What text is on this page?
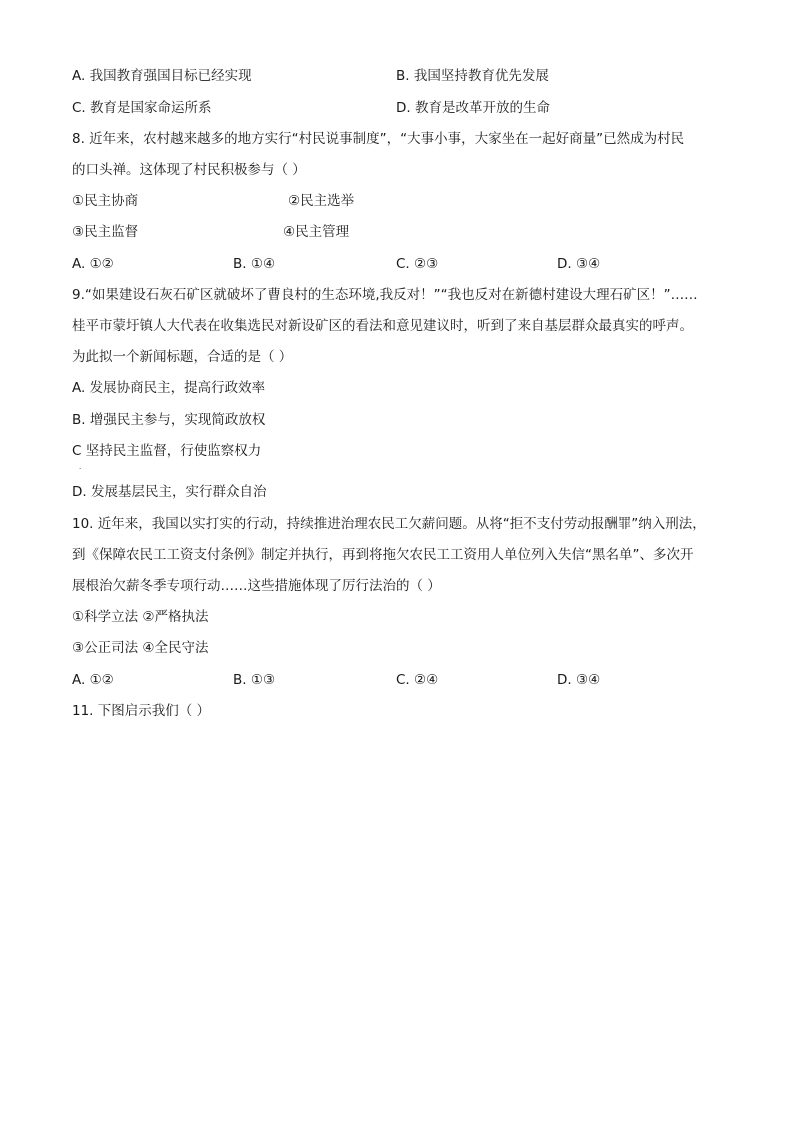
A. 我国教育强国目标已经实现	B. 我国坚持教育优先发展
C. 教育是国家命运所系	D. 教育是改革开放的生命
8. 近年来，农村越来越多的地方实行“村民说事制度”，“大事小事，大家坐在一起好商量”已然成为村民
的口头禅。这体现了村民积极参与（ ）
①民主协商	②民主选举
③民主监督	④民主管理
A. ①②	B. ①④	C. ②③	D. ③④
9.“如果建设石灰石矿区就破坏了曹良村的生态环境,我反对！”“我也反对在新德村建设大理石矿区！”……
桂平市蒙圩镇人大代表在收集选民对新设矿区的看法和意见建议时，听到了来自基层群众最真实的呼声。
为此拟一个新闻标题，合适的是（ ）
A. 发展协商民主，提高行政效率
B. 增强民主参与，实现简政放权
C 坚持民主监督，行使监察权力
.
D. 发展基层民主，实行群众自治
10. 近年来，我国以实打实的行动，持续推进治理农民工欠薪问题。从将“拒不支付劳动报酬罪”纳入刑法，
到《保障农民工工资支付条例》制定并执行，再到将拖欠农民工工资用人单位列入失信“黑名单”、多次开
展根治欠薪冬季专项行动……这些措施体现了厉行法治的（ ）
①科学立法 ②严格执法
③公正司法 ④全民守法
A. ①②	B. ①③	C. ②④	D. ③④
11. 下图启示我们（ ）
